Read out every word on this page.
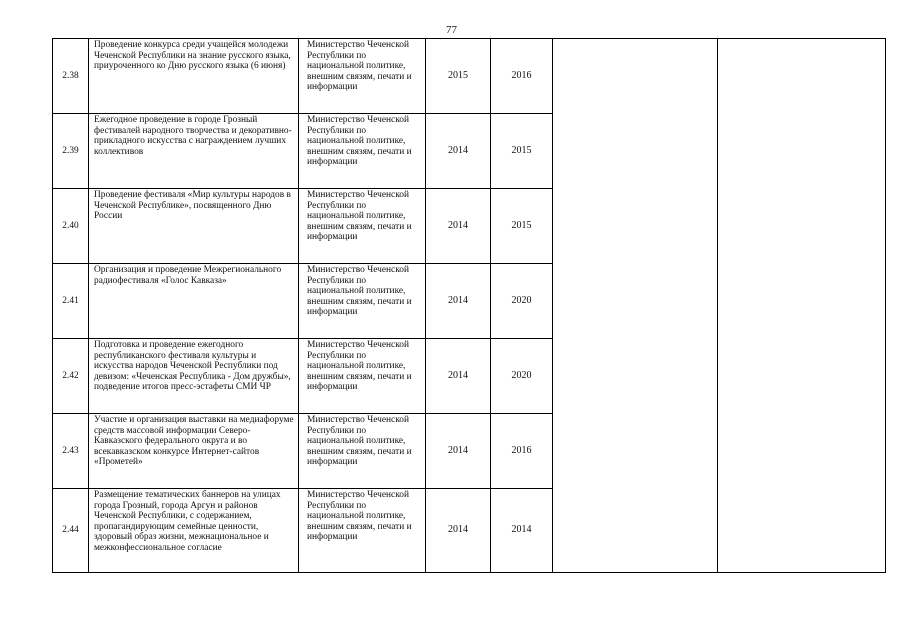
77
2.38	Проведение конкурса среди учащейся молодежи Чеченской Республики на знание русского языка, приуроченного ко Дню русского языка (6 июня)	Министерство Чеченской Республики по национальной политике, внешним связям, печати и информации	2015	2016		
2.39	Ежегодное проведение в городе Грозный фестивалей народного творчества и декоративно-прикладного искусства с награждением лучших коллективов	Министерство Чеченской Республики по национальной политике, внешним связям, печати и информации	2014	2015		
2.40	Проведение фестиваля «Мир культуры народов в Чеченской Республике», посвященного Дню России	Министерство Чеченской Республики по национальной политике, внешним связям, печати и информации	2014	2015		
2.41	Организация и проведение Межрегионального радиофестиваля «Голос Кавказа»	Министерство Чеченской Республики по национальной политике, внешним связям, печати и информации	2014	2020		
2.42	Подготовка и проведение ежегодного республиканского фестиваля культуры и искусства народов Чеченской Республики под девизом: «Чеченская Республика - Дом дружбы», подведение итогов пресс-эстафеты СМИ ЧР	Министерство Чеченской Республики по национальной политике, внешним связям, печати и информации	2014	2020		
2.43	Участие и организация выставки на медиафоруме средств массовой информации Северо-Кавказского федерального округа и во всекавказском конкурсе Интернет-сайтов «Прометей»	Министерство Чеченской Республики по национальной политике, внешним связям, печати и информации	2014	2016		
2.44	Размещение тематических баннеров на улицах города Грозный, города Аргун и районов Чеченской Республики, с содержанием, пропагандирующим семейные ценности, здоровый образ жизни, межнациональное и межконфессиональное согласие	Министерство Чеченской Республики по национальной политике, внешним связям, печати и информации	2014	2014		
